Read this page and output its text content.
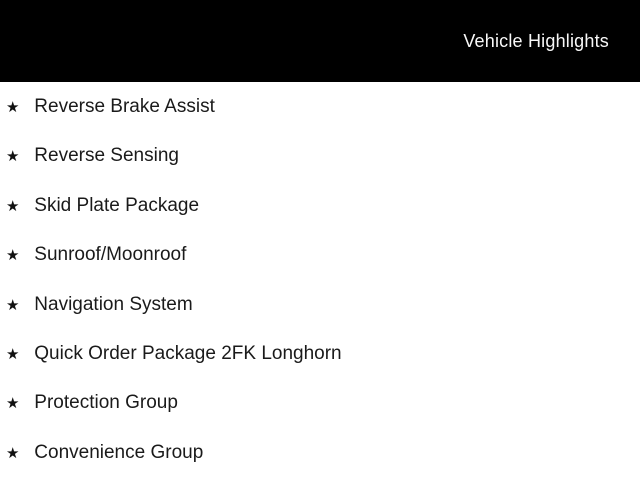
Vehicle Highlights
★ Reverse Brake Assist
★ Reverse Sensing
★ Skid Plate Package
★ Sunroof/Moonroof
★ Navigation System
★ Quick Order Package 2FK Longhorn
★ Protection Group
★ Convenience Group
